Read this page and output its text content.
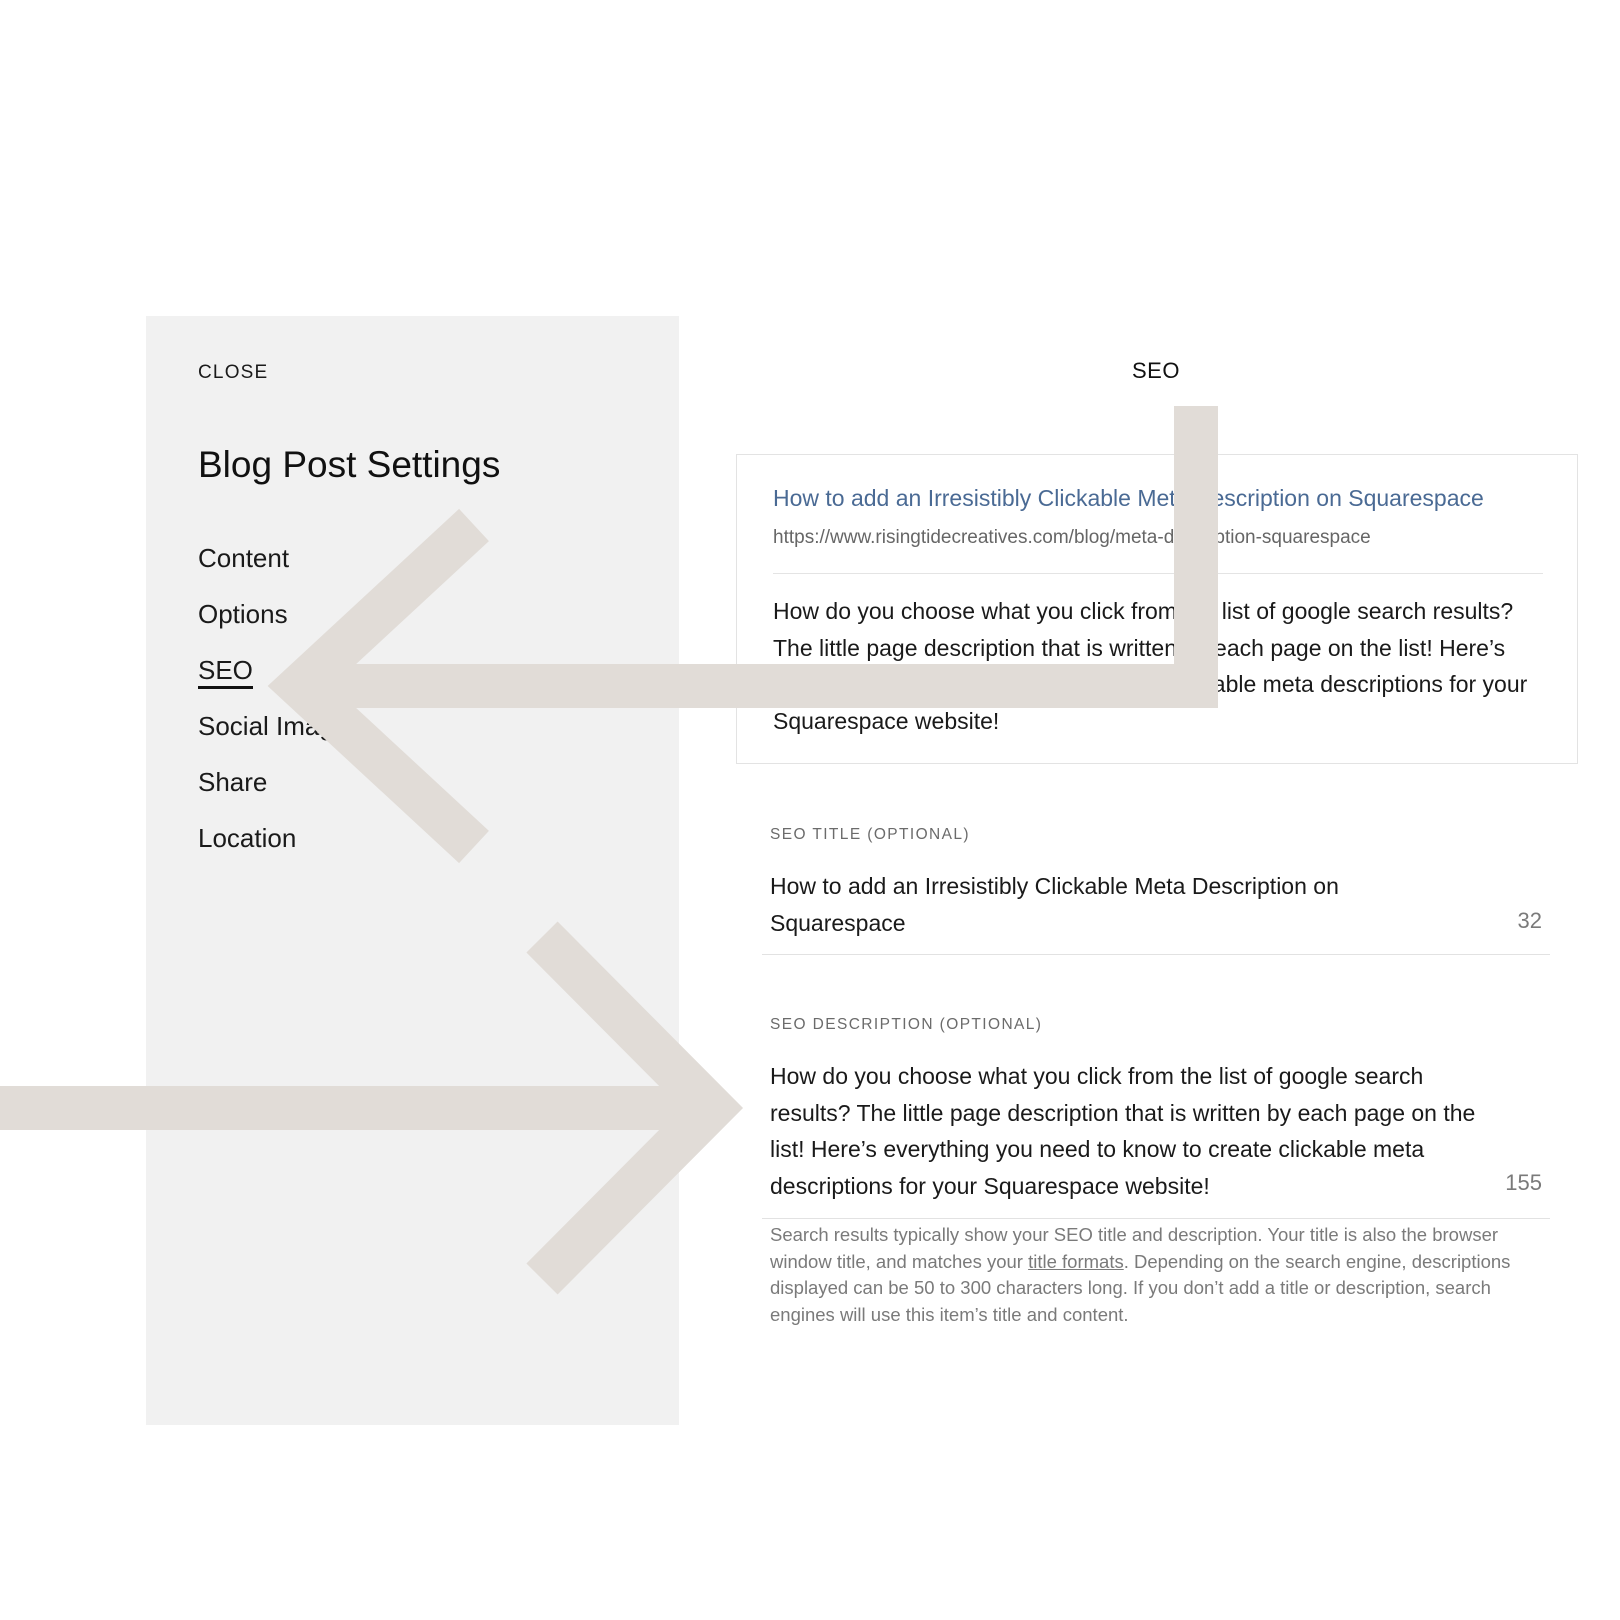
CLOSE
Blog Post Settings
Content
Options
SEO
Social Image
Share
Location
SEO
How to add an Irresistibly Clickable Meta Description on Squarespace
https://www.risingtidecreatives.com/blog/meta-description-squarespace
How do you choose what you click from the list of google search results? The little page description that is written by each page on the list! Here’s everything you need to know to create clickable meta descriptions for your Squarespace website!
SEO TITLE (OPTIONAL)
How to add an Irresistibly Clickable Meta Description on Squarespace	32
SEO DESCRIPTION (OPTIONAL)
How do you choose what you click from the list of google search results? The little page description that is written by each page on the list! Here’s everything you need to know to create clickable meta descriptions for your Squarespace website!	155
Search results typically show your SEO title and description. Your title is also the browser window title, and matches your title formats. Depending on the search engine, descriptions displayed can be 50 to 300 characters long. If you don’t add a title or description, search engines will use this item’s title and content.
